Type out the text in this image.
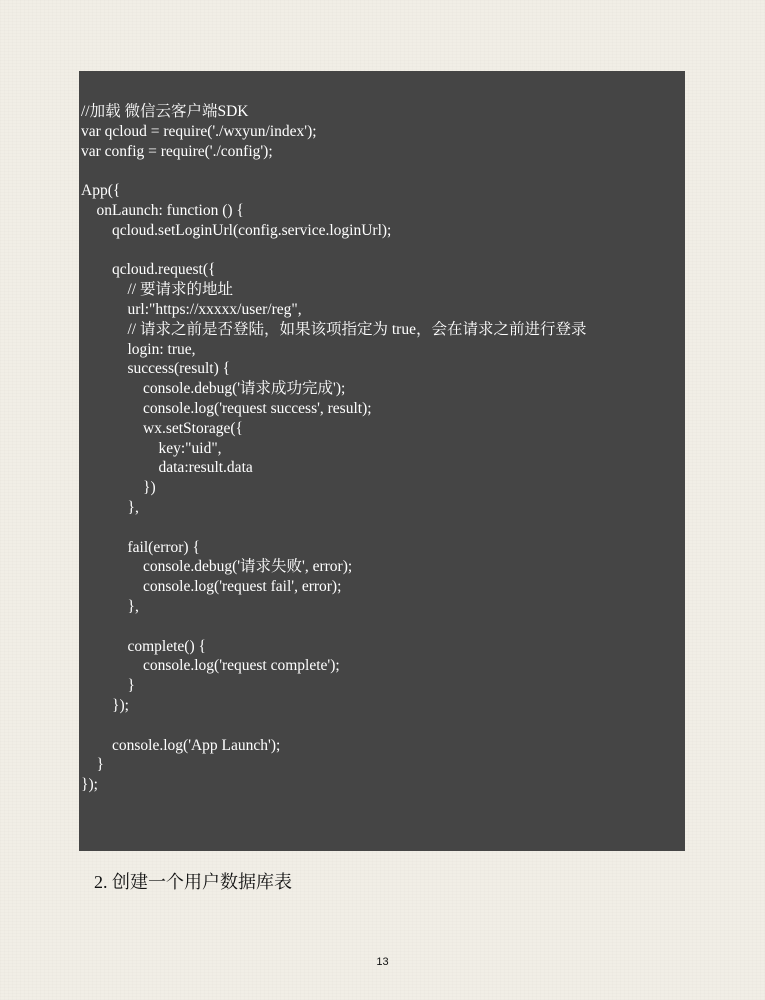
//加载 微信云客户端SDK
var qcloud = require('./wxyun/index');
var config = require('./config');
App({
onLaunch: function () {
qcloud.setLoginUrl(config.service.loginUrl);
qcloud.request({
// 要请求的地址
url:"https://xxxxx/user/reg",
// 请求之前是否登陆，如果该项指定为 true，会在请求之前进行登录
login: true,
success(result) {
console.debug('请求成功完成');
console.log('request success', result);
wx.setStorage({
key:"uid",
data:result.data
})
},
fail(error) {
console.debug('请求失败', error);
console.log('request fail', error);
},
complete() {
console.log('request complete');
}
});
console.log('App Launch');
}
});
2. 创建一个用户数据库表
13
